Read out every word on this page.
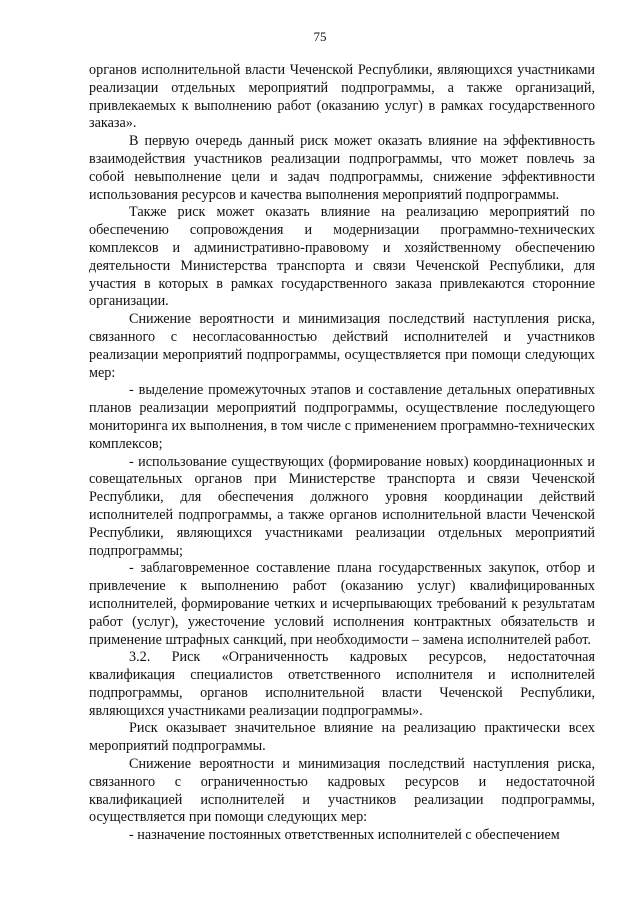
75

органов исполнительной власти Чеченской Республики, являющихся участниками реализации отдельных мероприятий подпрограммы, а также организаций, привлекаемых к выполнению работ (оказанию услуг) в рамках государственного заказа».

В первую очередь данный риск может оказать влияние на эффективность взаимодействия участников реализации подпрограммы, что может повлечь за собой невыполнение цели и задач подпрограммы, снижение эффективности использования ресурсов и качества выполнения мероприятий подпрограммы.

Также риск может оказать влияние на реализацию мероприятий по обеспечению сопровождения и модернизации программно-технических комплексов и административно-правовому и хозяйственному обеспечению деятельности Министерства транспорта и связи Чеченской Республики, для участия в которых в рамках государственного заказа привлекаются сторонние организации.

Снижение вероятности и минимизация последствий наступления риска, связанного с несогласованностью действий исполнителей и участников реализации мероприятий подпрограммы, осуществляется при помощи следующих мер:

- выделение промежуточных этапов и составление детальных оперативных планов реализации мероприятий подпрограммы, осуществление последующего мониторинга их выполнения, в том числе с применением программно-технических комплексов;

- использование существующих (формирование новых) координационных и совещательных органов при Министерстве транспорта и связи Чеченской Республики, для обеспечения должного уровня координации действий исполнителей подпрограммы, а также органов исполнительной власти Чеченской Республики, являющихся участниками реализации отдельных мероприятий подпрограммы;

- заблаговременное составление плана государственных закупок, отбор и привлечение к выполнению работ (оказанию услуг) квалифицированных исполнителей, формирование четких и исчерпывающих требований к результатам работ (услуг), ужесточение условий исполнения контрактных обязательств и применение штрафных санкций, при необходимости – замена исполнителей работ.

3.2. Риск «Ограниченность кадровых ресурсов, недостаточная квалификация специалистов ответственного исполнителя и исполнителей подпрограммы, органов исполнительной власти Чеченской Республики, являющихся участниками реализации подпрограммы».

Риск оказывает значительное влияние на реализацию практически всех мероприятий подпрограммы.

Снижение вероятности и минимизация последствий наступления риска, связанного с ограниченностью кадровых ресурсов и недостаточной квалификацией исполнителей и участников реализации подпрограммы, осуществляется при помощи следующих мер:

- назначение постоянных ответственных исполнителей с обеспечением
